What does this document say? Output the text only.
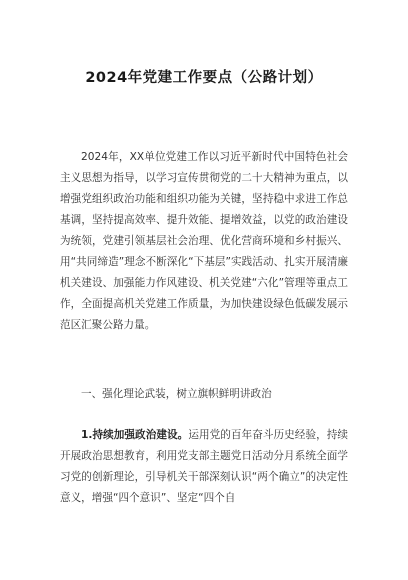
2024年党建工作要点（公路计划）

2024年，XX单位党建工作以习近平新时代中国特色社会主义思想为指导，以学习宣传贯彻党的二十大精神为重点，以增强党组织政治功能和组织功能为关键，坚持稳中求进工作总基调，坚持提高效率、提升效能、提增效益，以党的政治建设为统领，党建引领基层社会治理、优化营商环境和乡村振兴、用“共同缔造”理念不断深化“下基层”实践活动、扎实开展清廉机关建设、加强能力作风建设、机关党建“六化”管理等重点工作，全面提高机关党建工作质量，为加快建设绿色低碳发展示范区汇聚公路力量。

一、强化理论武装，树立旗帜鲜明讲政治

1.持续加强政治建设。运用党的百年奋斗历史经验，持续开展政治思想教育，利用党支部主题党日活动分月系统全面学习党的创新理论，引导机关干部深刻认识“两个确立”的决定性意义，增强“四个意识”、坚定“四个自
